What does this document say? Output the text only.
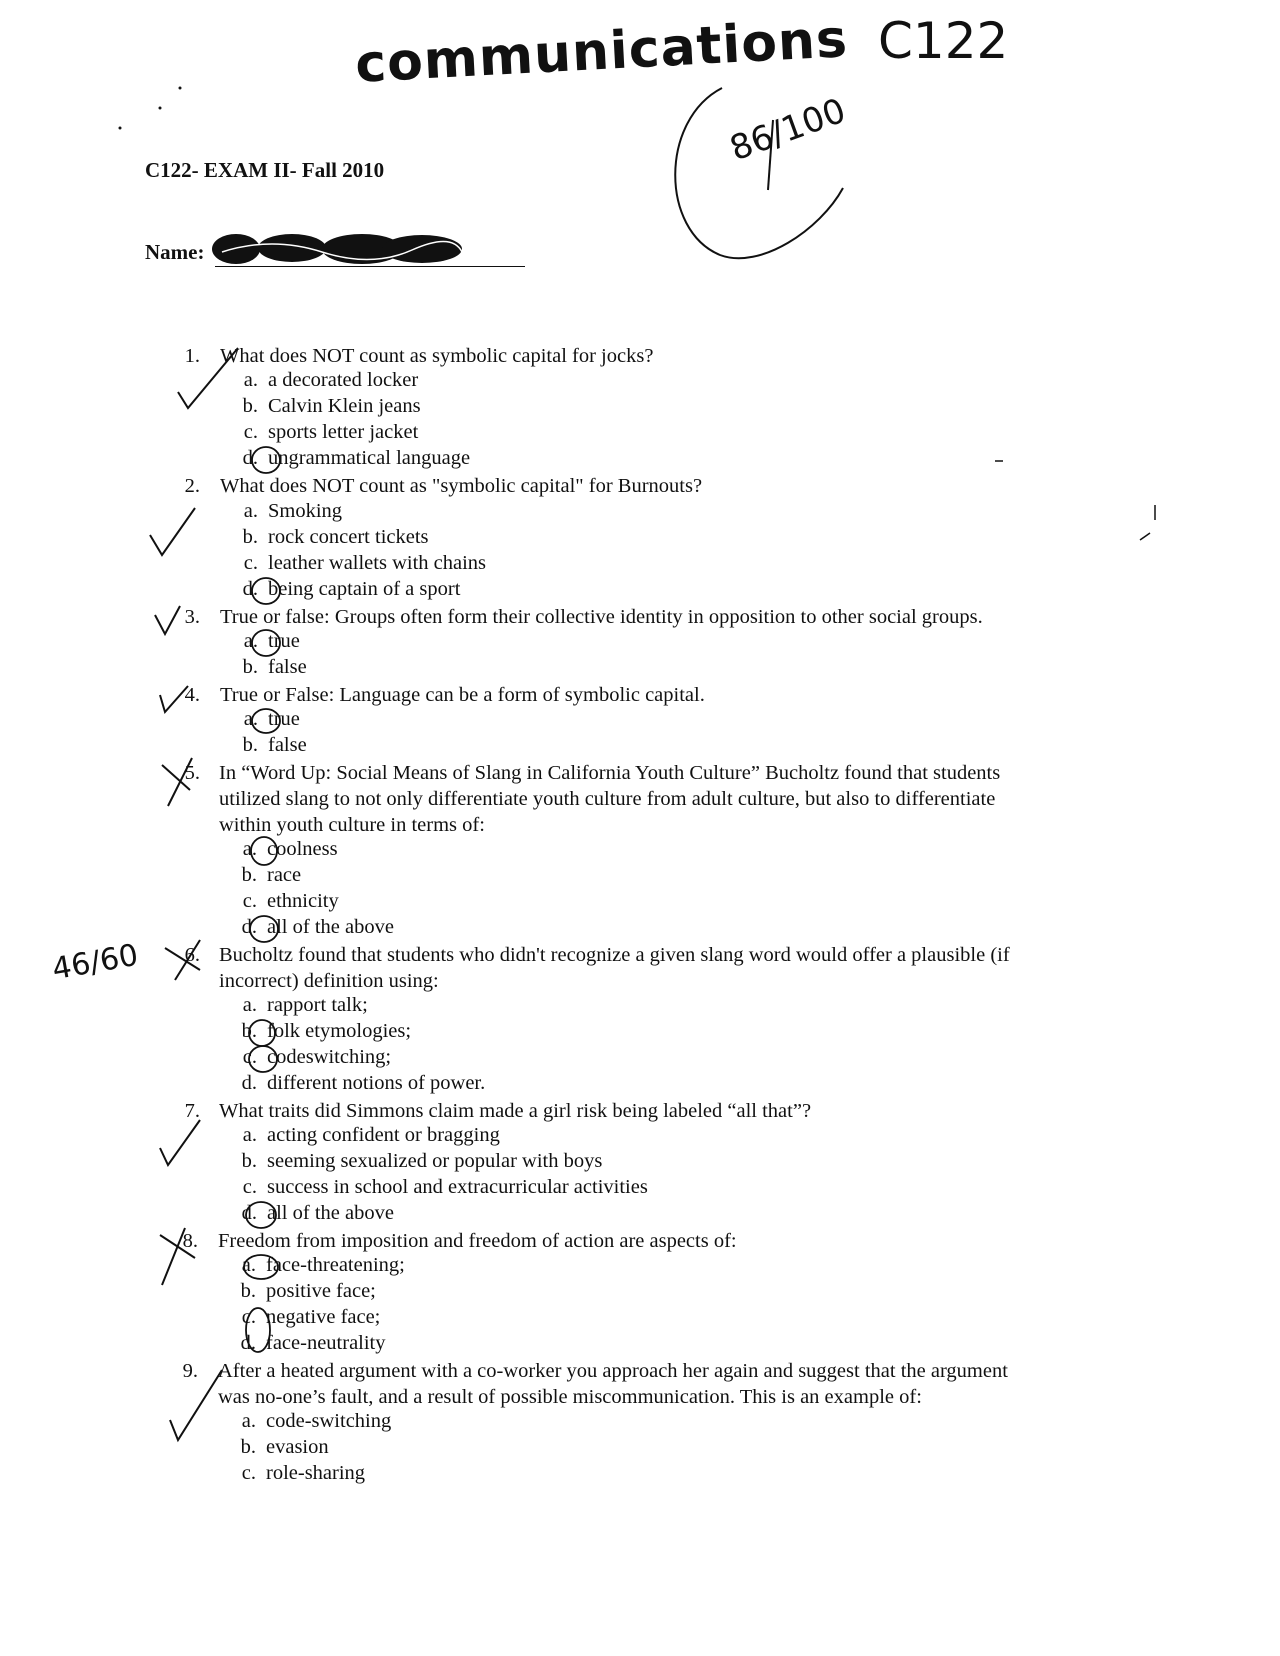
communications C122
86/100
C122- EXAM II- Fall 2010
Name:
46/60
1. What does NOT count as symbolic capital for jocks?
a. a decorated locker
b. Calvin Klein jeans
c. sports letter jacket
d. ungrammatical language
2. What does NOT count as "symbolic capital" for Burnouts?
a. Smoking
b. rock concert tickets
c. leather wallets with chains
d. being captain of a sport
3. True or false: Groups often form their collective identity in opposition to other social groups.
a. true
b. false
4. True or False: Language can be a form of symbolic capital.
a. true
b. false
5. In “Word Up: Social Means of Slang in California Youth Culture” Bucholtz found that students
utilized slang to not only differentiate youth culture from adult culture, but also to differentiate
within youth culture in terms of:
a. coolness
b. race
c. ethnicity
d. all of the above
6. Bucholtz found that students who didn't recognize a given slang word would offer a plausible (if
incorrect) definition using:
a. rapport talk;
b. folk etymologies;
c. codeswitching;
d. different notions of power.
7. What traits did Simmons claim made a girl risk being labeled “all that”?
a. acting confident or bragging
b. seeming sexualized or popular with boys
c. success in school and extracurricular activities
d. all of the above
8. Freedom from imposition and freedom of action are aspects of:
a. face-threatening;
b. positive face;
c. negative face;
d. face-neutrality
9. After a heated argument with a co-worker you approach her again and suggest that the argument
was no-one’s fault, and a result of possible miscommunication. This is an example of:
a. code-switching
b. evasion
c. role-sharing
